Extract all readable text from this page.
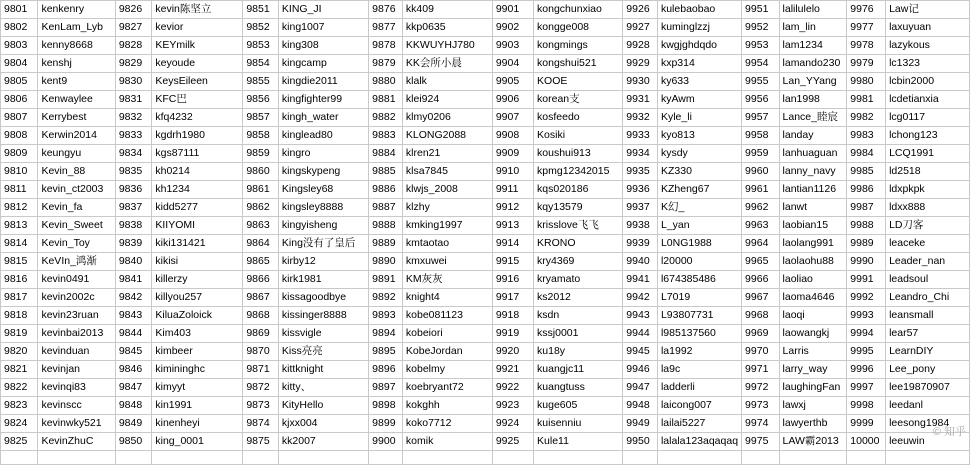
9801	kenkenry	9826	kevin陈坚立	9851	KING_JI	9876	kk409	9901	kongchunxiao	9926	kulebaobao	9951	lalilulelo	9976	Law记
9802	KenLam_Lyb	9827	kevior	9852	king1007	9877	kkp0635	9902	kongge008	9927	kuminglzzj	9952	lam_lin	9977	laxuyuan
9803	kenny8668	9828	KEYmilk	9853	king308	9878	KKWUYHJ780	9903	kongmings	9928	kwgjghdqdo	9953	lam1234	9978	lazykous
9804	kenshj	9829	keyoude	9854	kingcamp	9879	KK会所小晨	9904	kongshui521	9929	kxp314	9954	lamando230	9979	lc1323
9805	kent9	9830	KeysEileen	9855	kingdie2011	9880	klalk	9905	KOOE	9930	ky633	9955	Lan_YYang	9980	lcbin2000
9806	Kenwaylee	9831	KFC巴	9856	kingfighter99	9881	klei924	9906	korean支	9931	kyAwm	9956	lan1998	9981	lcdetianxia
9807	Kerrybest	9832	kfq4232	9857	kingh_water	9882	klmy0206	9907	kosfeedo	9932	Kyle_li	9957	Lance_睦宸	9982	lcg0117
9808	Kerwin2014	9833	kgdrh1980	9858	kinglead80	9883	KLONG2088	9908	Kosiki	9933	kyo813	9958	landay	9983	lchong123
9809	keungyu	9834	kgs87111	9859	kingro	9884	klren21	9909	koushui913	9934	kysdy	9959	lanhuaguan	9984	LCQ1991
9810	Kevin_88	9835	kh0214	9860	kingskypeng	9885	klsa7845	9910	kpmg12342015	9935	KZ330	9960	lanny_navy	9985	ld2518
9811	kevin_ct2003	9836	kh1234	9861	Kingsley68	9886	klwjs_2008	9911	kqs020186	9936	KZheng67	9961	lantian1126	9986	ldxpkpk
9812	Kevin_fa	9837	kidd5277	9862	kingsley8888	9887	klzhy	9912	kqy13579	9937	K幻_	9962	lanwt	9987	ldxx888
9813	Kevin_Sweet	9838	KIIYOMI	9863	kingyisheng	9888	kmking1997	9913	krisslove飞飞	9938	L_yan	9963	laobian15	9988	LD刀客
9814	Kevin_Toy	9839	kiki131421	9864	King没有了皇后	9889	kmtaotao	9914	KRONO	9939	L0NG1988	9964	laolang991	9989	leaceke
9815	KeVIn_鸿渐	9840	kikisi	9865	kirby12	9890	kmxuwei	9915	kry4369	9940	l20000	9965	laolaohu88	9990	Leader_nan
9816	kevin0491	9841	killerzy	9866	kirk1981	9891	KM灰灰	9916	kryamato	9941	l674385486	9966	laoliao	9991	leadsoul
9817	kevin2002c	9842	killyou257	9867	kissagoodbye	9892	knight4	9917	ks2012	9942	L7019	9967	laoma4646	9992	Leandro_Chi
9818	kevin23ruan	9843	KiluaZoloick	9868	kissinger8888	9893	kobe081123	9918	ksdn	9943	L93807731	9968	laoqi	9993	leansmall
9819	kevinbai2013	9844	Kim403	9869	kissvigle	9894	kobeiori	9919	kssj0001	9944	l985137560	9969	laowangkj	9994	lear57
9820	kevinduan	9845	kimbeer	9870	Kiss亮亮	9895	KobeJordan	9920	ku18y	9945	la1992	9970	Larris	9995	LearnDIY
9821	kevinjan	9846	kimininghc	9871	kittknight	9896	kobelmy	9921	kuangjc11	9946	la9c	9971	larry_way	9996	Lee_pony
9822	kevinqi83	9847	kimyyt	9872	kitty、	9897	koebryant72	9922	kuangtuss	9947	ladderli	9972	laughingFan	9997	lee19870907
9823	kevinscc	9848	kin1991	9873	KityHello	9898	kokghh	9923	kuge605	9948	laicong007	9973	lawxj	9998	leedanl
9824	kevinwky521	9849	kinenheyi	9874	kjxx004	9899	koko7712	9924	kuisenniu	9949	lailai5227	9974	lawyerthb	9999	leesong1984
9825	KevinZhuC	9850	king_0001	9875	kk2007	9900	komik	9925	Kule11	9950	lalala123aqaqaq	9975	LAW霸2013	10000	leeuwin

© 知乎
